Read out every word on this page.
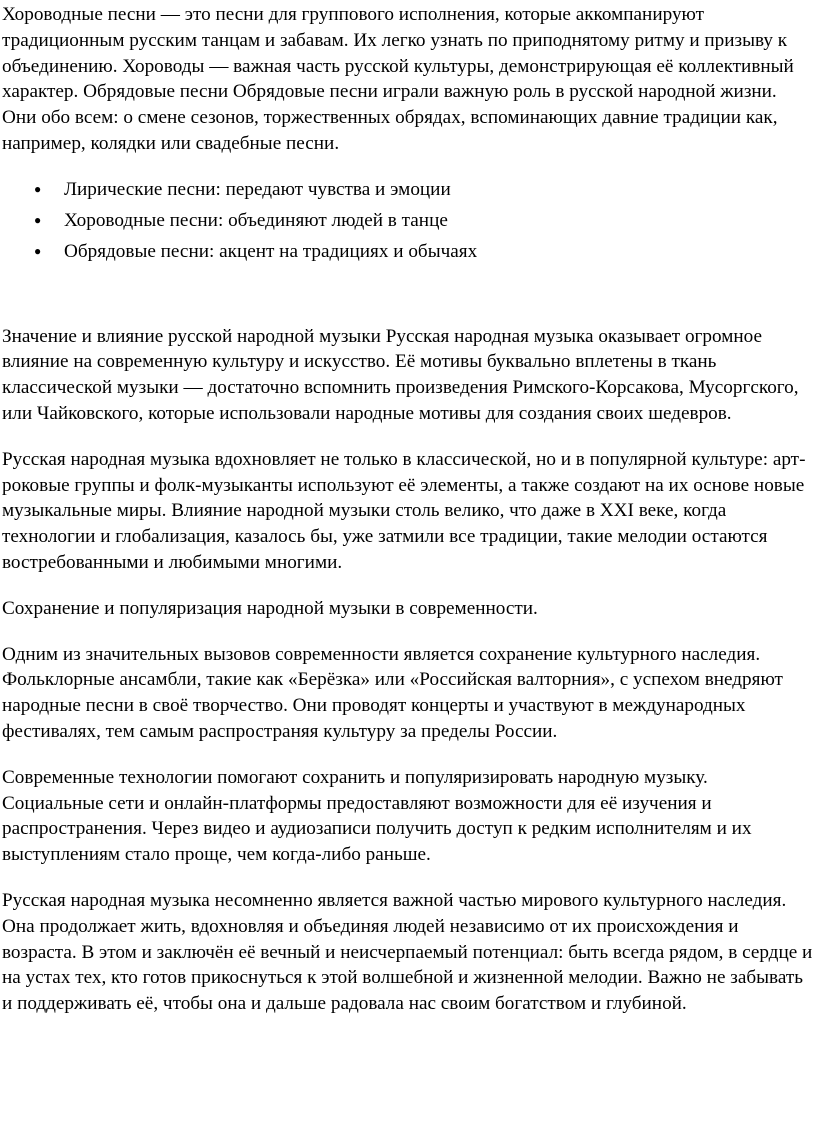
Хороводные песни — это песни для группового исполнения, которые аккомпанируют традиционным русским танцам и забавам. Их легко узнать по приподнятому ритму и призыву к объединению. Хороводы — важная часть русской культуры, демонстрирующая её коллективный характер. Обрядовые песни Обрядовые песни играли важную роль в русской народной жизни. Они обо всем: о смене сезонов, торжественных обрядах, вспоминающих давние традиции как, например, колядки или свадебные песни.

● Лирические песни: передают чувства и эмоции
● Хороводные песни: объединяют людей в танце
● Обрядовые песни: акцент на традициях и обычаях

Значение и влияние русской народной музыки Русская народная музыка оказывает огромное влияние на современную культуру и искусство. Её мотивы буквально вплетены в ткань классической музыки — достаточно вспомнить произведения Римского-Корсакова, Мусоргского, или Чайковского, которые использовали народные мотивы для создания своих шедевров.

Русская народная музыка вдохновляет не только в классической, но и в популярной культуре: арт-роковые группы и фолк-музыканты используют её элементы, а также создают на их основе новые музыкальные миры. Влияние народной музыки столь велико, что даже в XXI веке, когда технологии и глобализация, казалось бы, уже затмили все традиции, такие мелодии остаются востребованными и любимыми многими.

Сохранение и популяризация народной музыки в современности.

Одним из значительных вызовов современности является сохранение культурного наследия. Фольклорные ансамбли, такие как «Берёзка» или «Российская валторния», с успехом внедряют народные песни в своё творчество. Они проводят концерты и участвуют в международных фестивалях, тем самым распространяя культуру за пределы России.

Современные технологии помогают сохранить и популяризировать народную музыку. Социальные сети и онлайн-платформы предоставляют возможности для её изучения и распространения. Через видео и аудиозаписи получить доступ к редким исполнителям и их выступлениям стало проще, чем когда-либо раньше.

Русская народная музыка несомненно является важной частью мирового культурного наследия. Она продолжает жить, вдохновляя и объединяя людей независимо от их происхождения и возраста. В этом и заключён её вечный и неисчерпаемый потенциал: быть всегда рядом, в сердце и на устах тех, кто готов прикоснуться к этой волшебной и жизненной мелодии. Важно не забывать и поддерживать её, чтобы она и дальше радовала нас своим богатством и глубиной.
